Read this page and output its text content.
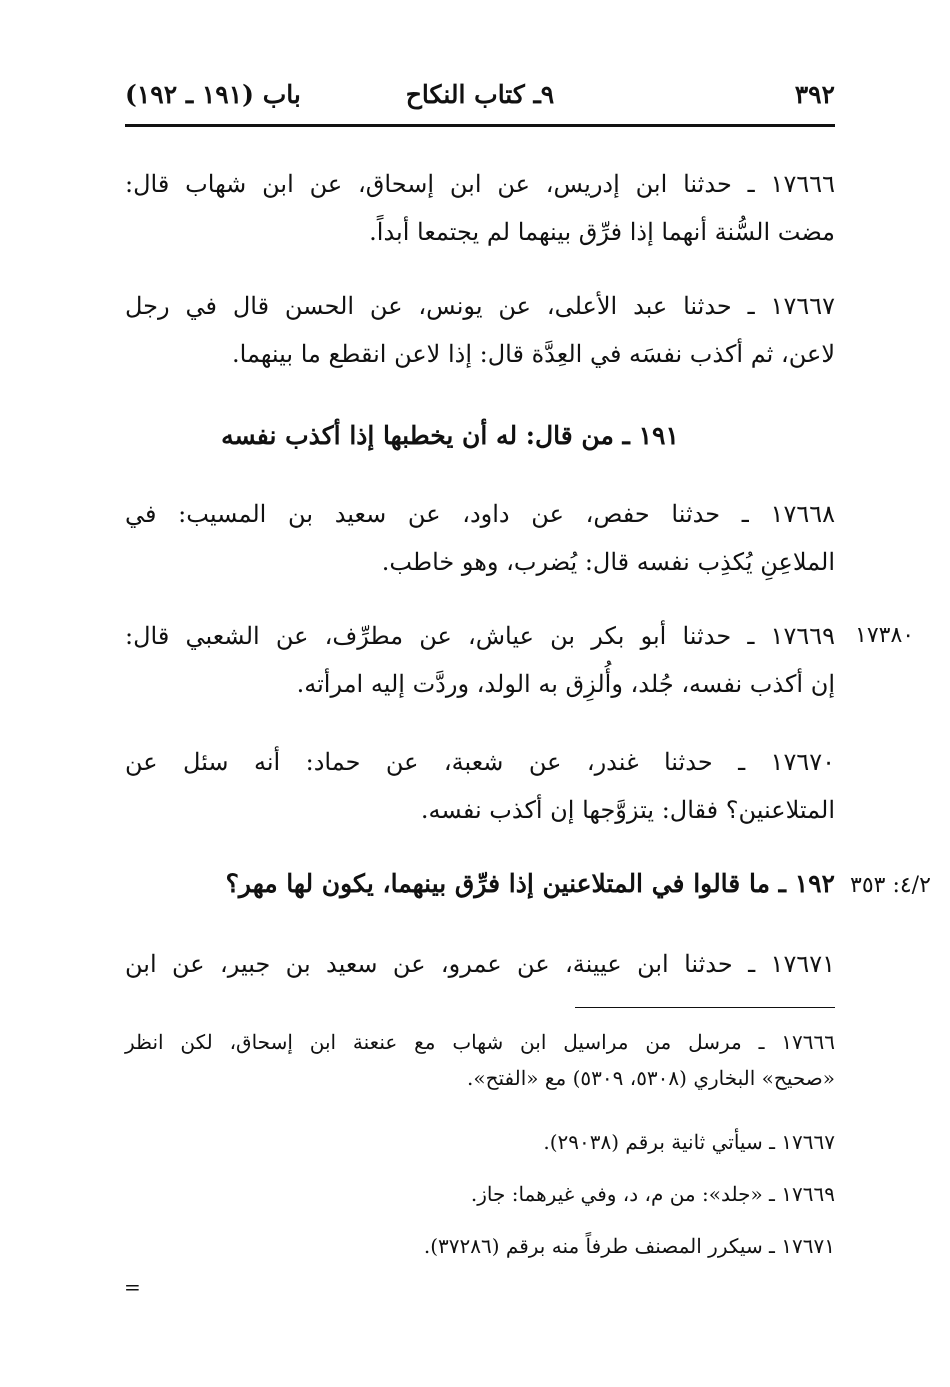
٣٩٢
٩ـ كتاب النكاح
باب (١٩١ ـ ١٩٢)
١٧٦٦٦ ـ حدثنا ابن إدريس، عن ابن إسحاق، عن ابن شهاب قال:
مضت السُّنة أنهما إذا فرِّق بينهما لم يجتمعا أبداً.
١٧٦٦٧ ـ حدثنا عبد الأعلى، عن يونس، عن الحسن قال في رجل
لاعن، ثم أكذب نفسَه في العِدَّة قال: إذا لاعن انقطع ما بينهما.
١٩١ ـ من قال: له أن يخطبها إذا أكذب نفسه
١٧٦٦٨ ـ حدثنا حفص، عن داود، عن سعيد بن المسيب: في
الملاعِنِ يُكذِب نفسه قال: يُضرب، وهو خاطب.
١٧٣٨٠
١٧٦٦٩ ـ حدثنا أبو بكر بن عياش، عن مطرِّف، عن الشعبي قال:
إن أكذب نفسه، جُلد، وأُلزِق به الولد، وردَّت إليه امرأته.
١٧٦٧٠ ـ حدثنا غندر، عن شعبة، عن حماد: أنه سئل عن
المتلاعنين؟ فقال: يتزوَّجها إن أكذب نفسه.
٤/٢: ٣٥٣
١٩٢ ـ ما قالوا في المتلاعنين إذا فرِّق بينهما، يكون لها مهر؟
١٧٦٧١ ـ حدثنا ابن عيينة، عن عمرو، عن سعيد بن جبير، عن ابن
١٧٦٦٦ ـ مرسل من مراسيل ابن شهاب مع عنعنة ابن إسحاق، لكن انظر
«صحيح» البخاري (٥٣٠٨، ٥٣٠٩) مع «الفتح».
١٧٦٦٧ ـ سيأتي ثانية برقم (٢٩٠٣٨).
١٧٦٦٩ ـ «جلد»: من م، د، وفي غيرهما: جاز.
١٧٦٧١ ـ سيكرر المصنف طرفاً منه برقم (٣٧٢٨٦).
=
